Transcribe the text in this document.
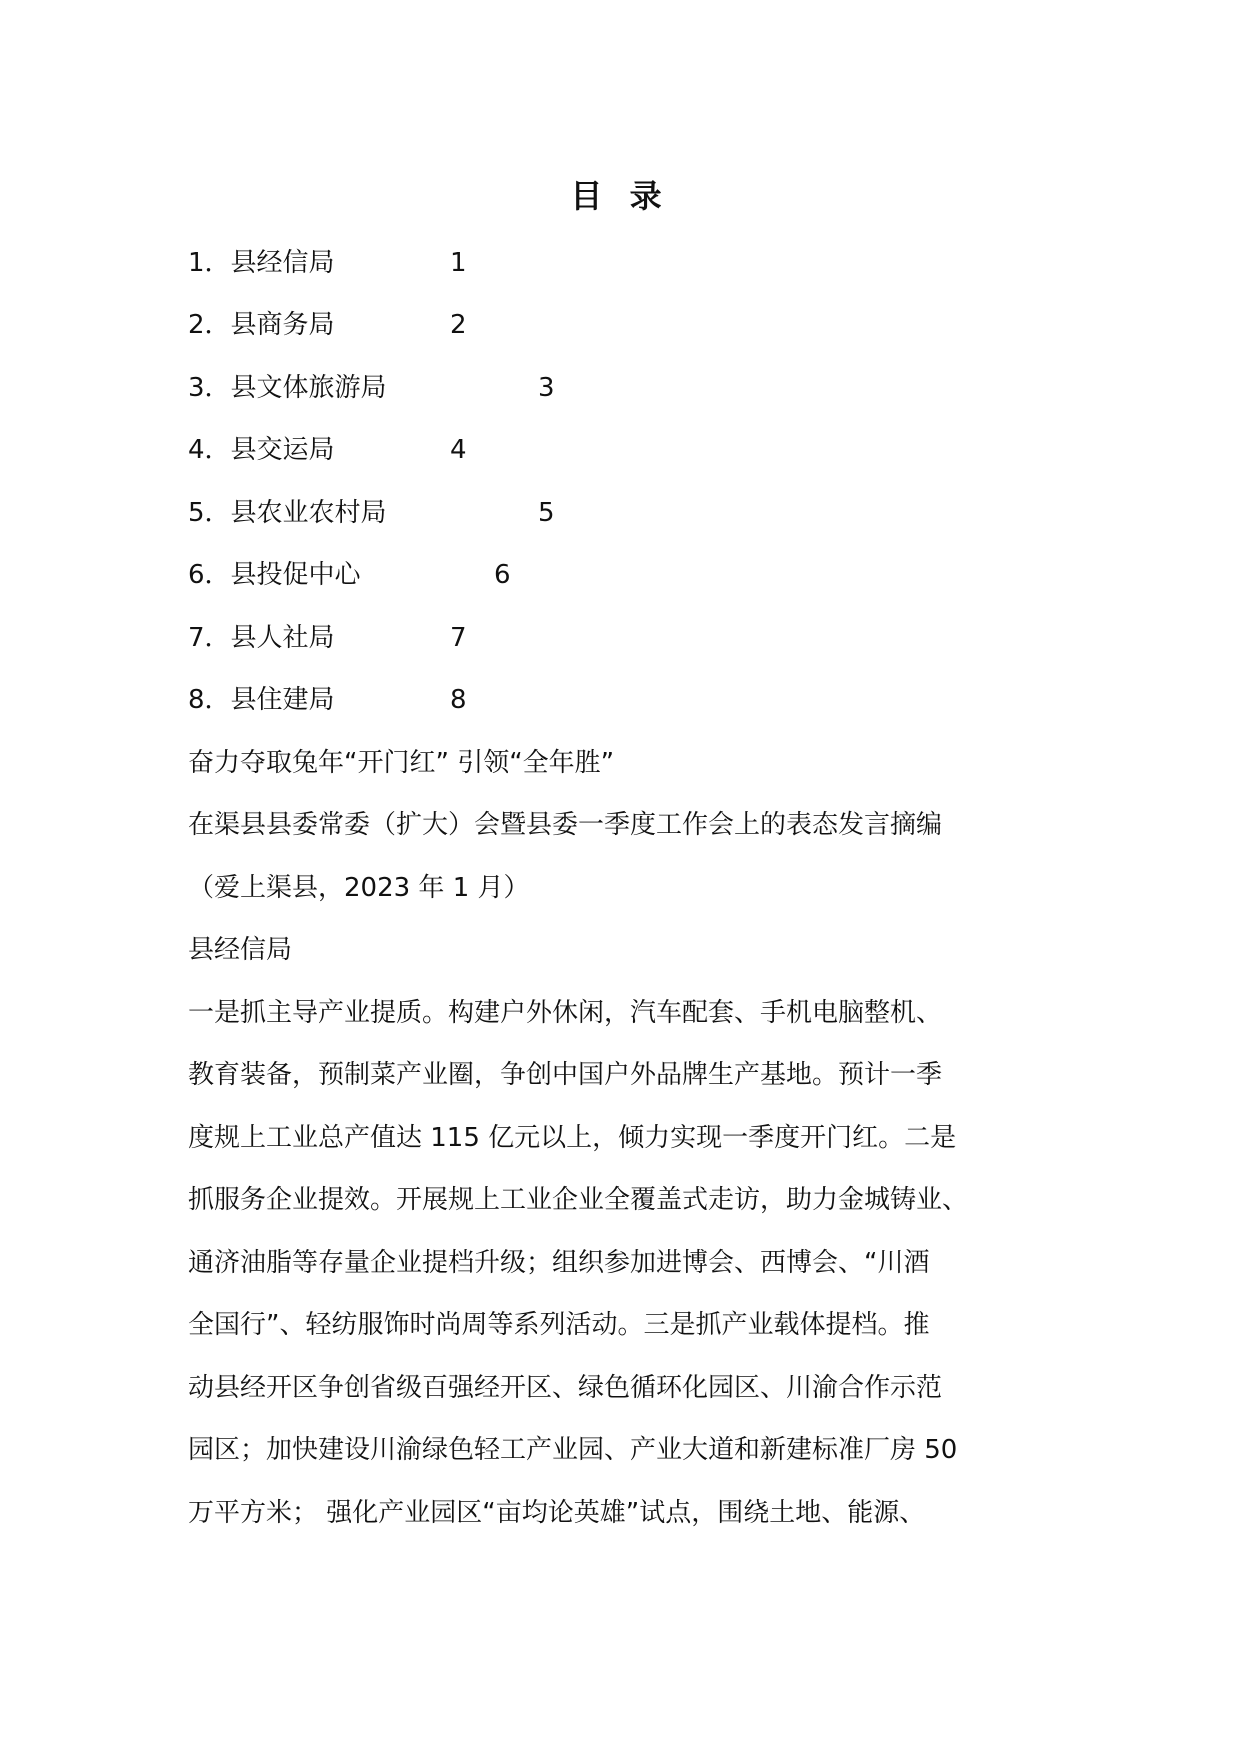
目 录
1．县经信局	1
2．县商务局	2
3．县文体旅游局	3
4．县交运局	4
5．县农业农村局	5
6．县投促中心	6
7．县人社局	7
8．县住建局	8
奋力夺取兔年“开门红” 引领“全年胜”
在渠县县委常委（扩大）会暨县委一季度工作会上的表态发言摘编
（爱上渠县，2023 年 1 月）
县经信局
一是抓主导产业提质。构建户外休闲，汽车配套、手机电脑整机、
教育装备，预制菜产业圈，争创中国户外品牌生产基地。预计一季
度规上工业总产值达 115 亿元以上，倾力实现一季度开门红。二是
抓服务企业提效。开展规上工业企业全覆盖式走访，助力金城铸业、
通济油脂等存量企业提档升级；组织参加进博会、西博会、“川酒
全国行”、轻纺服饰时尚周等系列活动。三是抓产业载体提档。推
动县经开区争创省级百强经开区、绿色循环化园区、川渝合作示范
园区；加快建设川渝绿色轻工产业园、产业大道和新建标准厂房 50
万平方米； 强化产业园区“亩均论英雄”试点，围绕土地、能源、
